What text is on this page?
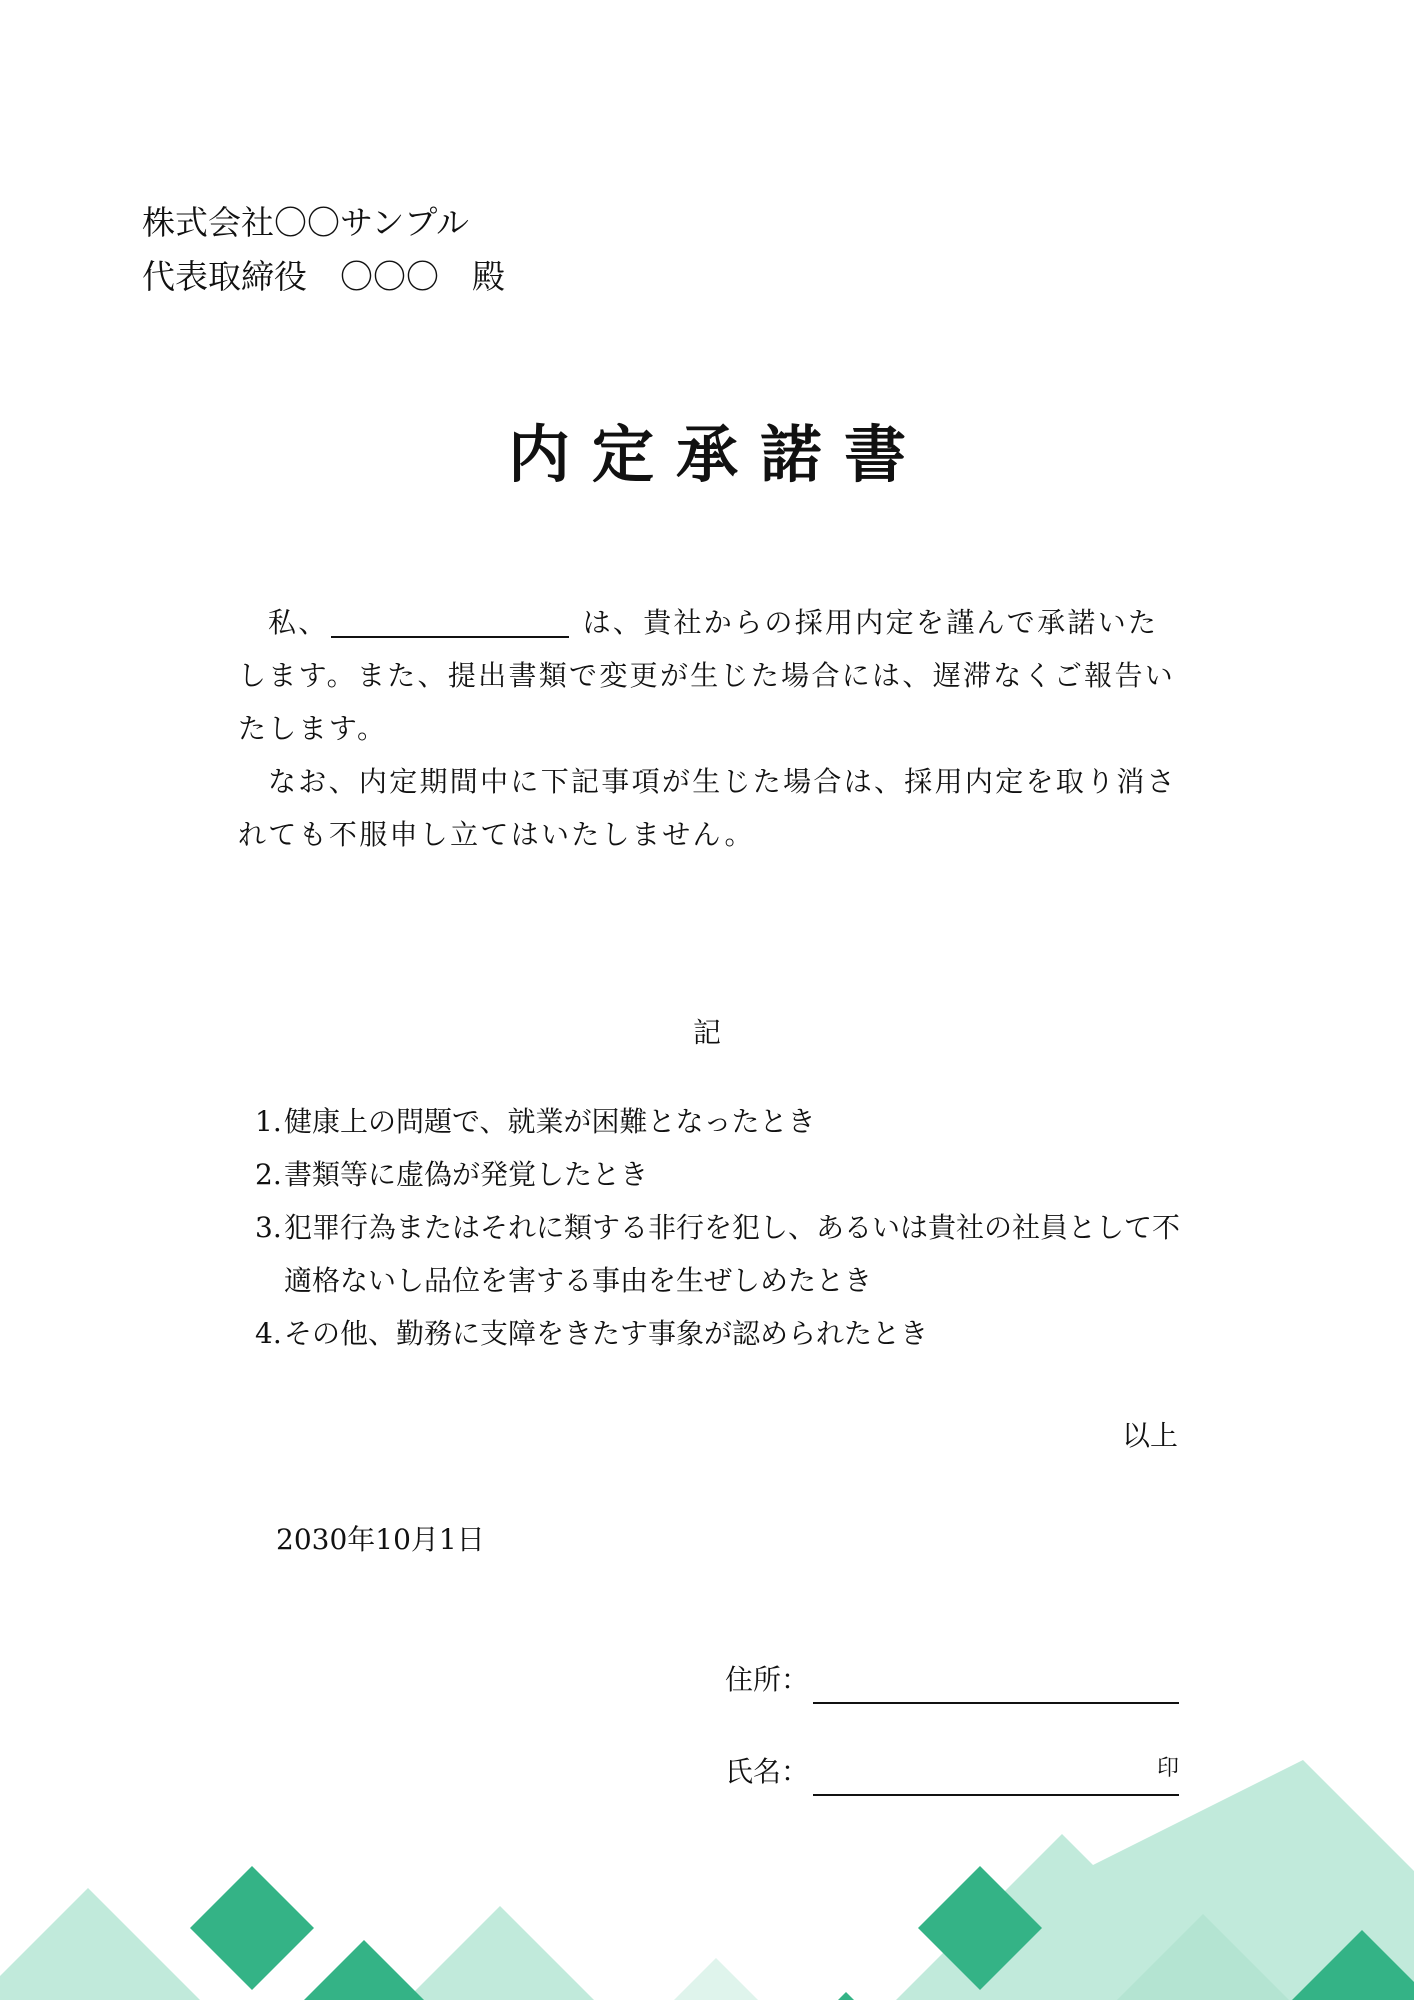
株式会社〇〇サンプル
代表取締役　〇〇〇　殿
内定承諾書

私、	は、貴社からの採用内定を謹んで承諾いたします。また、提出書類で変更が生じた場合には、遅滞なくご報告いたします。

なお、内定期間中に下記事項が生じた場合は、採用内定を取り消されても不服申し立てはいたしません。

記
1. 健康上の問題で、就業が困難となったとき
2. 書類等に虚偽が発覚したとき
3. 犯罪行為またはそれに類する非行を犯し、あるいは貴社の社員として不適格ないし品位を害する事由を生ぜしめたとき
4. その他、勤務に支障をきたす事象が認められたとき
以上
2030年10月1日
住所：
氏名：	印
